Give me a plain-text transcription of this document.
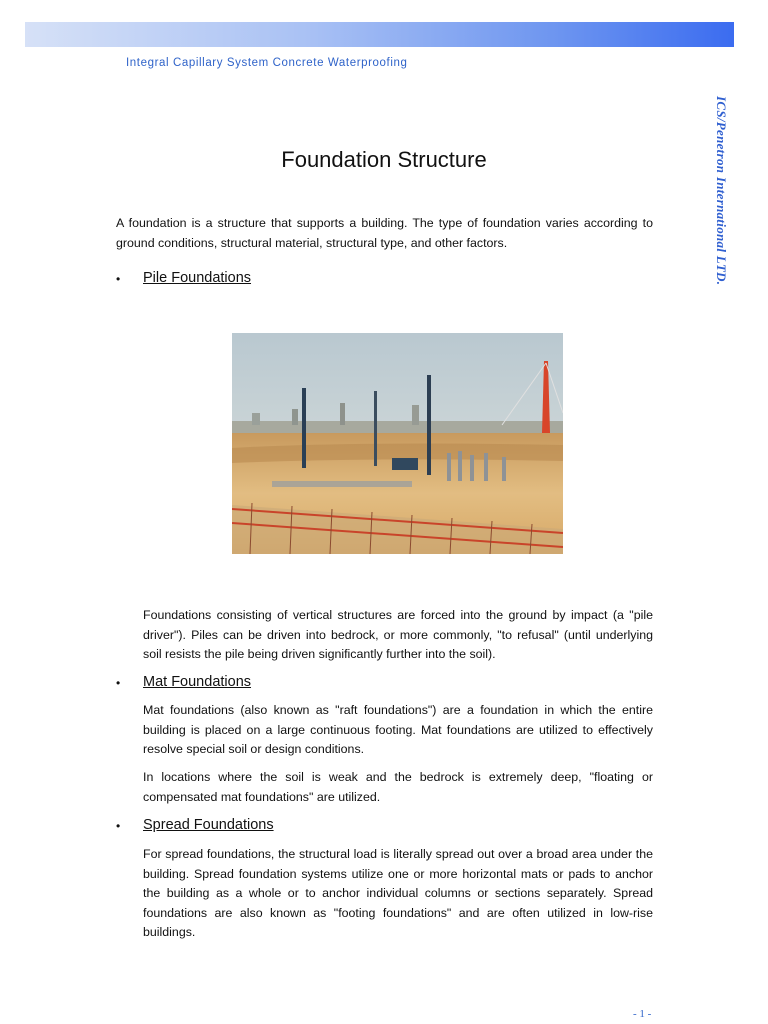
Integral Capillary System Concrete Waterproofing
ICS/Penetron International LTD.
Foundation Structure

A foundation is a structure that supports a building. The type of foundation varies according to ground conditions, structural material, structural type, and other factors.

• Pile Foundations

Foundations consisting of vertical structures are forced into the ground by impact (a "pile driver"). Piles can be driven into bedrock, or more commonly, "to refusal" (until underlying soil resists the pile being driven significantly further into the soil).

• Mat Foundations

Mat foundations (also known as "raft foundations") are a foundation in which the entire building is placed on a large continuous footing. Mat foundations are utilized to effectively resolve special soil or design conditions.

In locations where the soil is weak and the bedrock is extremely deep, "floating or compensated mat foundations" are utilized.

• Spread Foundations

For spread foundations, the structural load is literally spread out over a broad area under the building. Spread foundation systems utilize one or more horizontal mats or pads to anchor the building as a whole or to anchor individual columns or sections separately. Spread foundations are also known as "footing foundations" and are often utilized in low-rise buildings.

- 1 -
